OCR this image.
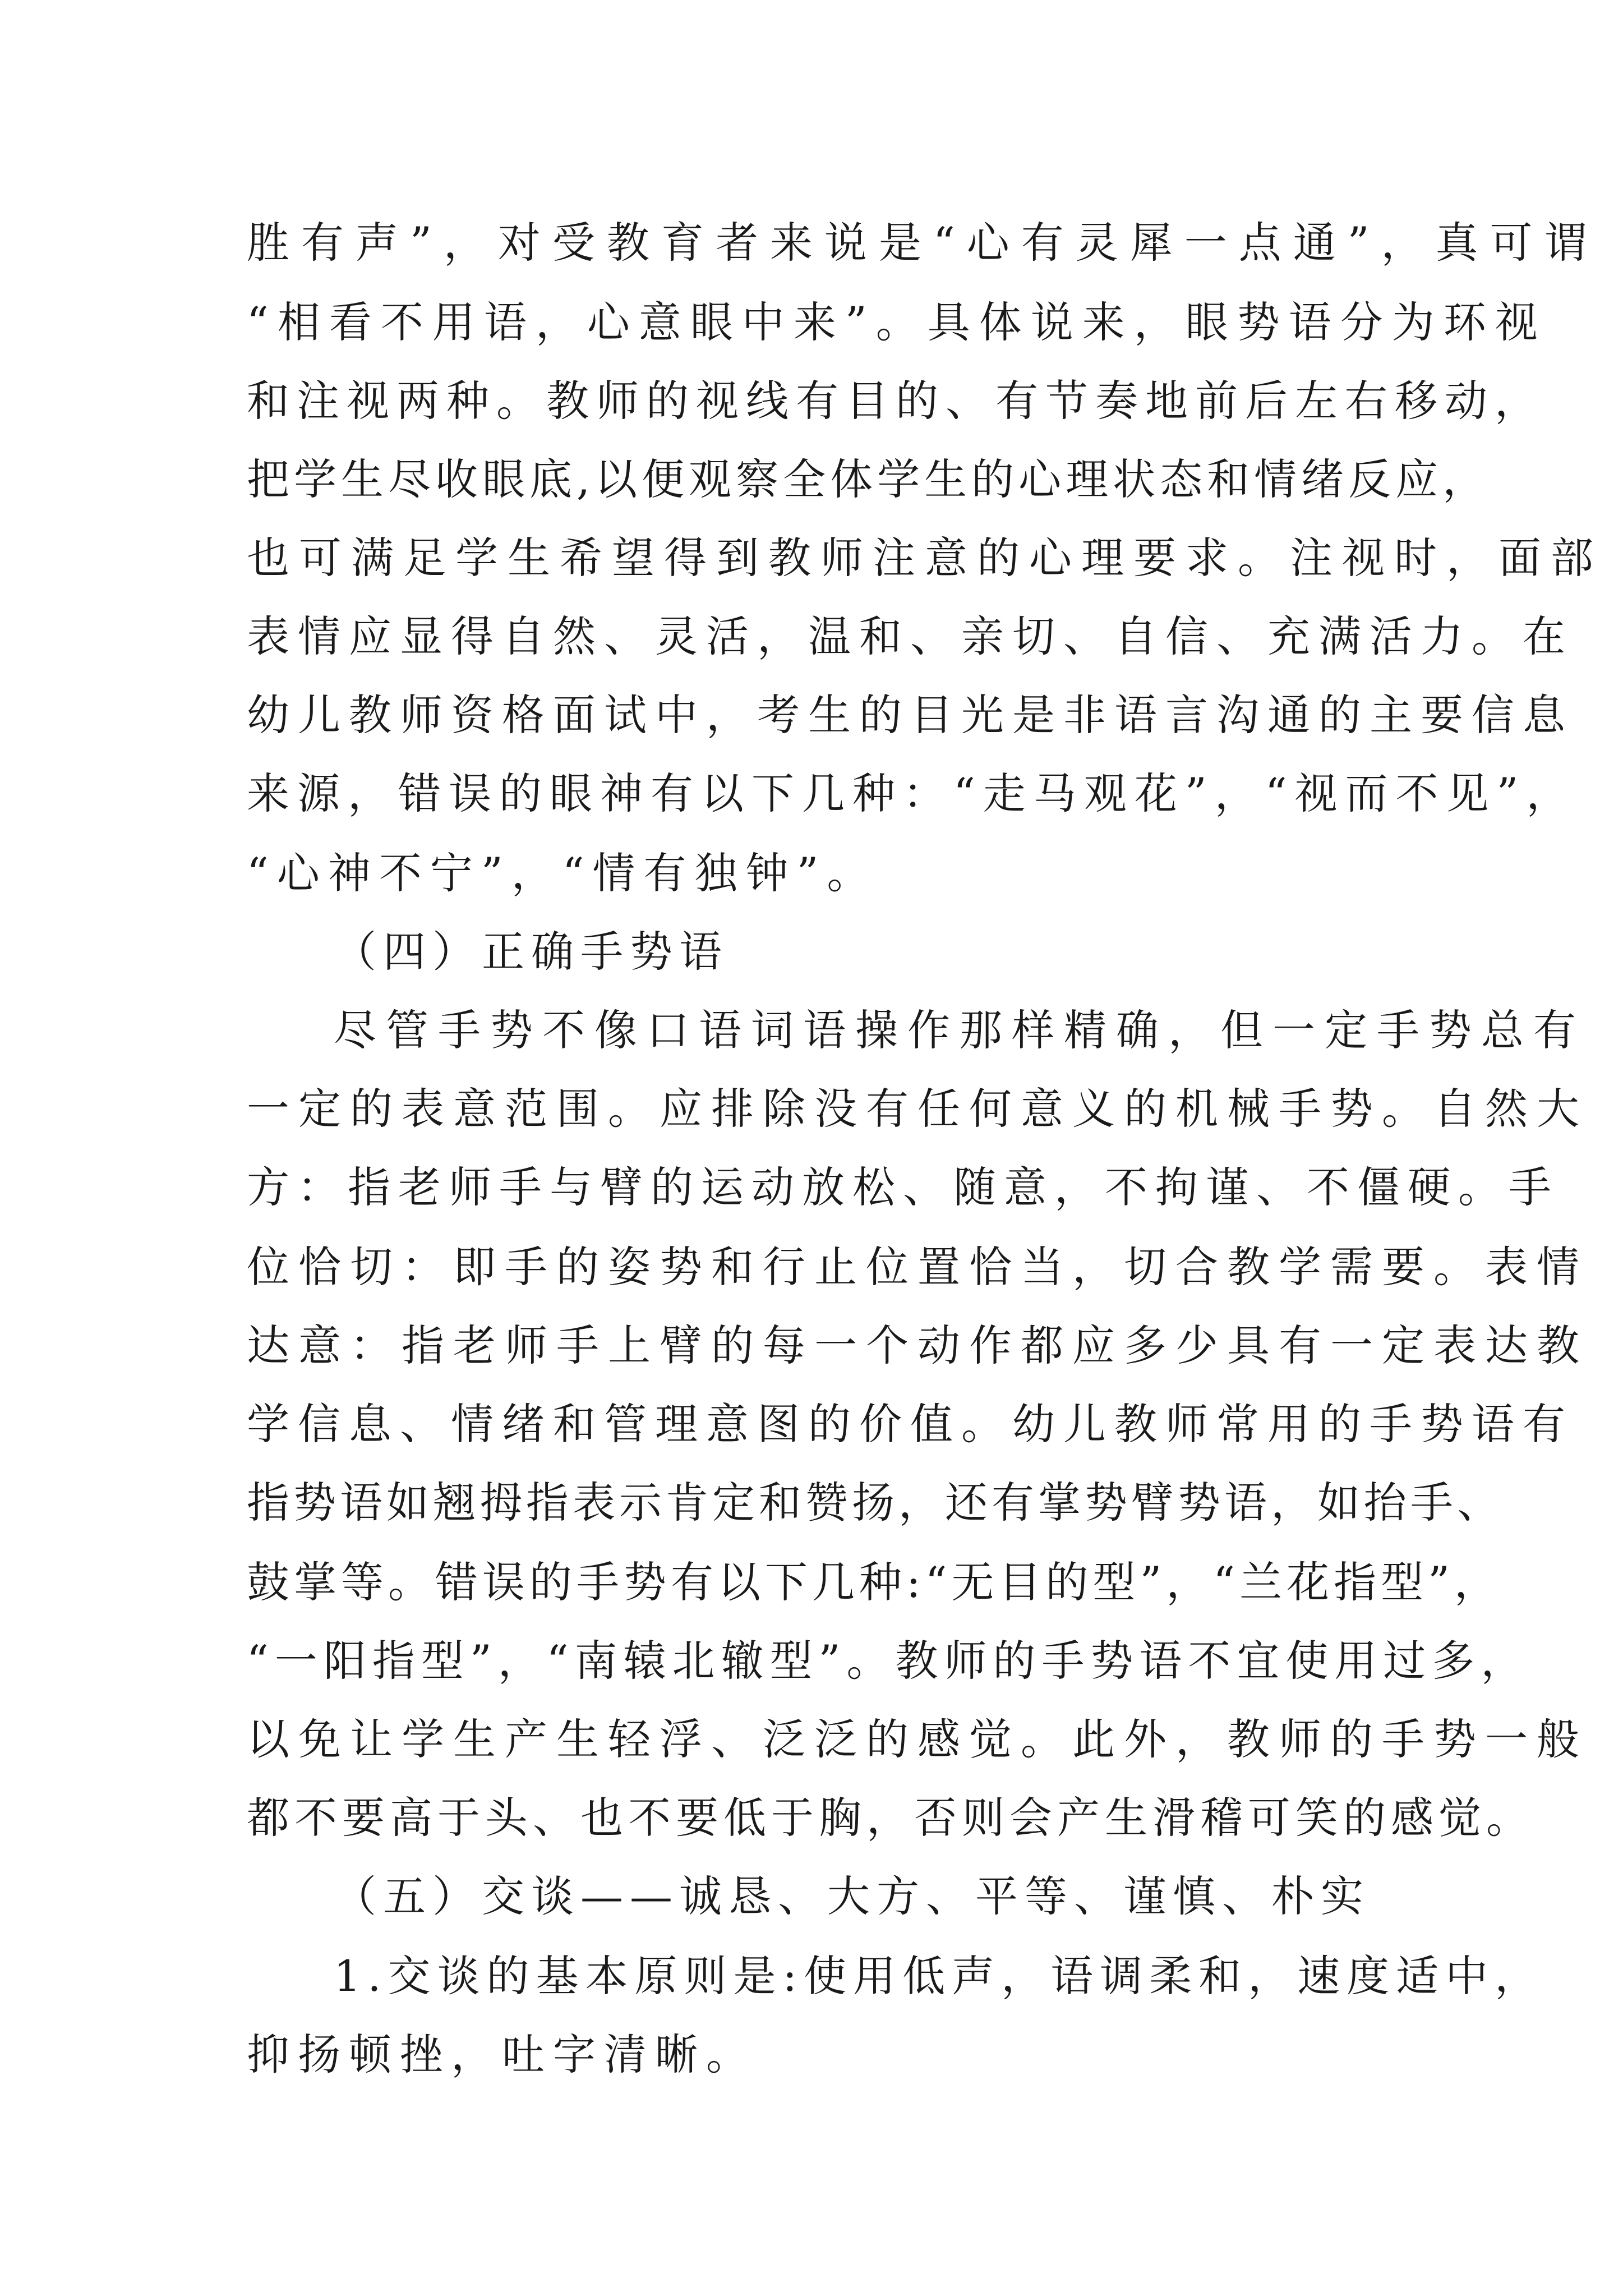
胜有声”，对受教育者来说是“心有灵犀一点通”，真可谓
“相看不用语，心意眼中来”。具体说来，眼势语分为环视
和注视两种。教师的视线有目的、有节奏地前后左右移动，
把学生尽收眼底,以便观察全体学生的心理状态和情绪反应，
也可满足学生希望得到教师注意的心理要求。注视时，面部
表情应显得自然、灵活，温和、亲切、自信、充满活力。在
幼儿教师资格面试中，考生的目光是非语言沟通的主要信息
来源，错误的眼神有以下几种：“走马观花”，“视而不见”，
“心神不宁”，“情有独钟”。
（四）正确手势语
尽管手势不像口语词语操作那样精确，但一定手势总有
一定的表意范围。应排除没有任何意义的机械手势。自然大
方：指老师手与臂的运动放松、随意，不拘谨、不僵硬。手
位恰切：即手的姿势和行止位置恰当，切合教学需要。表情
达意：指老师手上臂的每一个动作都应多少具有一定表达教
学信息、情绪和管理意图的价值。幼儿教师常用的手势语有
指势语如翘拇指表示肯定和赞扬，还有掌势臂势语，如抬手、
鼓掌等。错误的手势有以下几种:“无目的型”，“兰花指型”，
“一阳指型”，“南辕北辙型”。教师的手势语不宜使用过多，
以免让学生产生轻浮、泛泛的感觉。此外，教师的手势一般
都不要高于头、也不要低于胸，否则会产生滑稽可笑的感觉。
（五）交谈——诚恳、大方、平等、谨慎、朴实
1.交谈的基本原则是:使用低声，语调柔和，速度适中，
抑扬顿挫，吐字清晰。
